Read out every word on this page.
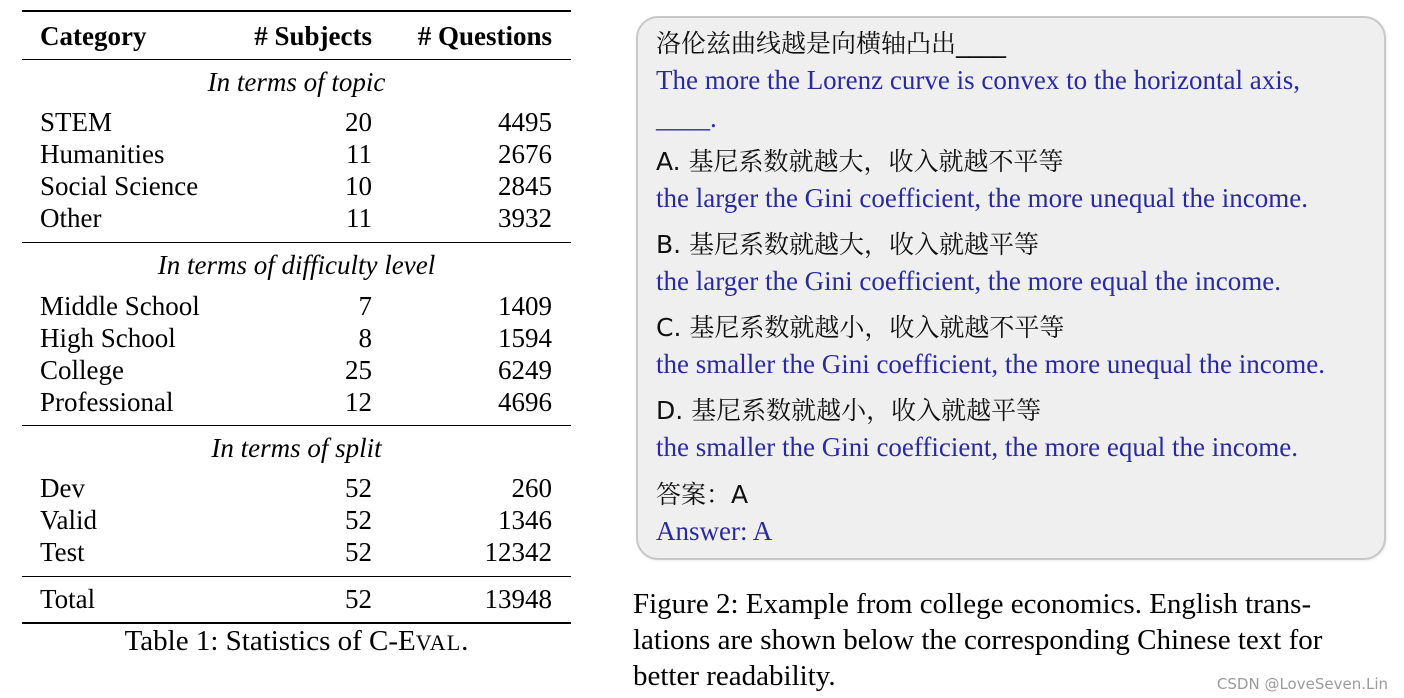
Category	# Subjects # Questions
In terms of topic
STEM	20	4495
Humanities	11	2676
Social Science	10	2845
Other	11	3932
In terms of difficulty level
Middle School	7	1409
High School	8	1594
College	25	6249
Professional	12	4696
In terms of split
Dev	52	260
Valid	52	1346
Test	52	12342
Total	52	13948
Table 1: Statistics of C-EVAL.
洛伦兹曲线越是向横轴凸出____
The more the Lorenz curve is convex to the horizontal axis,
____.
A. 基尼系数就越大，收入就越不平等
the larger the Gini coefficient, the more unequal the income.
B. 基尼系数就越大，收入就越平等
the larger the Gini coefficient, the more equal the income.
C. 基尼系数就越小，收入就越不平等
the smaller the Gini coefficient, the more unequal the income.
D. 基尼系数就越小，收入就越平等
the smaller the Gini coefficient, the more equal the income.
答案：A
Answer: A
Figure 2: Example from college economics. English trans-
lations are shown below the corresponding Chinese text for
better readability.	CSDN @LoveSeven.Lin
